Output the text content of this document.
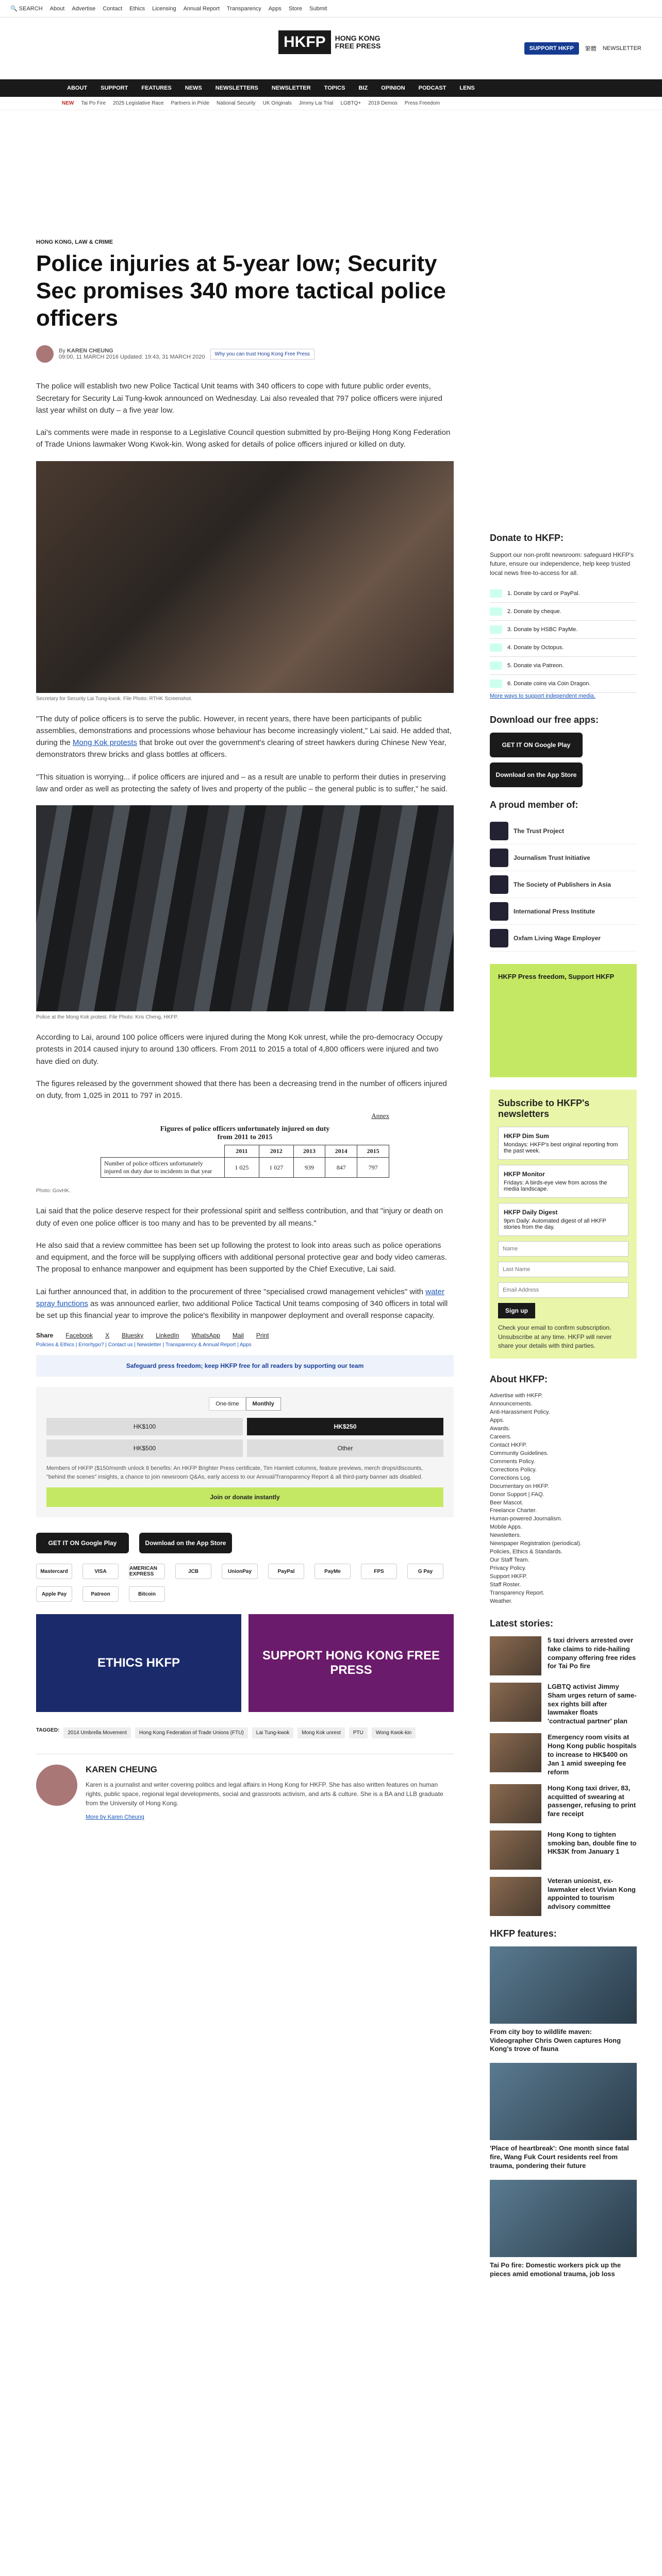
🔍 SEARCH About Advertise Contact Ethics Licensing Annual Report Transparency Apps Store Submit
HKFP	HONG KONG
FREE PRESS	SUPPORT HKFP	繁體 NEWSLETTER
ABOUT SUPPORT FEATURES NEWS NEWSLETTERS NEWSLETTER TOPICS BIZ OPINION PODCAST LENS
NEW Tai Po Fire 2025 Legislative Race Partners in Pride National Security UK Originals Jimmy Lai Trial LGBTQ+ 2019 Demos Press Freedom
HONG KONG, LAW & CRIME
Police injuries at 5-year low; Security Sec promises 340 more tactical police officers
By KAREN CHEUNG
09:00, 11 MARCH 2016 Updated: 19:43, 31 MARCH 2020	Why you can trust Hong Kong Free Press

The police will establish two new Police Tactical Unit teams with 340 officers to cope with future public order events, Secretary for Security Lai Tung-kwok announced on Wednesday. Lai also revealed that 797 police officers were injured last year whilst on duty – a five year low.

Lai's comments were made in response to a Legislative Council question submitted by pro-Beijing Hong Kong Federation of Trade Unions lawmaker Wong Kwok-kin. Wong asked for details of police officers injured or killed on duty.

Secretary for Security Lai Tung-kwok. File Photo: RTHK Screenshot.

"The duty of police officers is to serve the public. However, in recent years, there have been participants of public assemblies, demonstrations and processions whose behaviour has become increasingly violent," Lai said. He added that, during the Mong Kok protests that broke out over the government's clearing of street hawkers during Chinese New Year, demonstrators threw bricks and glass bottles at officers.

"This situation is worrying... if police officers are injured and – as a result are unable to perform their duties in preserving law and order as well as protecting the safety of lives and property of the public – the general public is to suffer," he said.

Police at the Mong Kok protest. File Photo: Kris Cheng, HKFP.

According to Lai, around 100 police officers were injured during the Mong Kok unrest, while the pro-democracy Occupy protests in 2014 caused injury to around 130 officers. From 2011 to 2015 a total of 4,800 officers were injured and two have died on duty.

The figures released by the government showed that there has been a decreasing trend in the number of officers injured on duty, from 1,025 in 2011 to 797 in 2015.

Annex
Figures of police officers unfortunately injured on duty
from 2011 to 2015
	2011	2012	2013	2014	2015
Number of police officers unfortunately injured on duty due to incidents in that year	1 025	1 027	939	847	797
Photo: GovHK.

Lai said that the police deserve respect for their professional spirit and selfless contribution, and that "injury or death on duty of even one police officer is too many and has to be prevented by all means."

He also said that a review committee has been set up following the protest to look into areas such as police operations and equipment, and the force will be supplying officers with additional personal protective gear and body video cameras. The proposal to enhance manpower and equipment has been supported by the Chief Executive, Lai said.

Lai further announced that, in addition to the procurement of three "specialised crowd management vehicles" with water spray functions as was announced earlier, two additional Police Tactical Unit teams composing of 340 officers in total will be set up this financial year to improve the police's flexibility in manpower deployment and overall response capacity.

Share Facebook X Bluesky LinkedIn WhatsApp Mail Print
Policies & Ethics | Error/typo? | Contact us | Newsletter | Transparency & Annual Report | Apps
Safeguard press freedom; keep HKFP free for all readers by supporting our team
One-time	Monthly
HK$100	HK$250
HK$500	Other
Members of HKFP ($150/month unlock 8 benefits: An HKFP Brighter Press certificate, Tim Hamlett columns, feature previews, merch drops/discounts, "behind the scenes" insights, a chance to join newsroom Q&As, early access to our Annual/Transparency Report & all third-party banner ads disabled.
Join or donate instantly
GET IT ON Google Play	Download on the App Store
Mastercard	VISA	AMERICAN EXPRESS	JCB	UnionPay	PayPal	PayMe	FPS	G Pay
Apple Pay	Patreon	Bitcoin
ETHICS HKFP
SUPPORT HONG KONG FREE PRESS
TAGGED:	2014 Umbrella Movement	Hong Kong Federation of Trade Unions (FTU)	Lai Tung-kwok	Mong Kok unrest	PTU	Wong Kwok-kin
KAREN CHEUNG

Karen is a journalist and writer covering politics and legal affairs in Hong Kong for HKFP. She has also written features on human rights, public space, regional legal developments, social and grassroots activism, and arts & culture. She is a BA and LLB graduate from the University of Hong Kong.

More by Karen Cheung
Donate to HKFP:

Support our non-profit newsroom: safeguard HKFP's future, ensure our independence, help keep trusted local news free-to-access for all.

1. Donate by card or PayPal.
2. Donate by cheque.
3. Donate by HSBC PayMe.
4. Donate by Octopus.
5. Donate via Patreon.
6. Donate coins via Coin Dragon.
More ways to support independent media.
Download our free apps:
GET IT ON Google Play
Download on the App Store
A proud member of:
The Trust Project
Journalism Trust Initiative
The Society of Publishers in Asia
International Press Institute
Oxfam Living Wage Employer
HKFP Press freedom, Support HKFP
Subscribe to HKFP's newsletters
HKFP Dim Sum
Mondays: HKFP's best original reporting from the past week.
HKFP Monitor
Fridays: A birds-eye view from across the media landscape.
HKFP Daily Digest
9pm Daily: Automated digest of all HKFP stories from the day.
Name
Last Name
Email Address Sign up

Check your email to confirm subscription. Unsubscribe at any time. HKFP will never share your details with third parties.

About HKFP:
Advertise with HKFP.
Announcements.
Anti-Harassment Policy.
Apps.
Awards.
Careers.
Contact HKFP.
Community Guidelines.
Comments Policy.
Corrections Policy.
Corrections Log.
Documentary on HKFP.
Donor Support | FAQ.
Beer Mascot.
Freelance Charter.
Human-powered Journalism.
Mobile Apps.
Newsletters.
Newspaper Registration (periodical).
Policies, Ethics & Standards.
Our Staff Team.
Privacy Policy.
Support HKFP.
Staff Roster.
Transparency Report.
Weather.
Latest stories:
5 taxi drivers arrested over fake claims to ride-hailing company offering free rides for Tai Po fire
LGBTQ activist Jimmy Sham urges return of same-sex rights bill after lawmaker floats 'contractual partner' plan
Emergency room visits at Hong Kong public hospitals to increase to HK$400 on Jan 1 amid sweeping fee reform
Hong Kong taxi driver, 83, acquitted of swearing at passenger, refusing to print fare receipt
Hong Kong to tighten smoking ban, double fine to HK$3K from January 1
Veteran unionist, ex-lawmaker elect Vivian Kong appointed to tourism advisory committee
HKFP features:
From city boy to wildlife maven: Videographer Chris Owen captures Hong Kong's trove of fauna
'Place of heartbreak': One month since fatal fire, Wang Fuk Court residents reel from trauma, pondering their future
Tai Po fire: Domestic workers pick up the pieces amid emotional trauma, job loss
